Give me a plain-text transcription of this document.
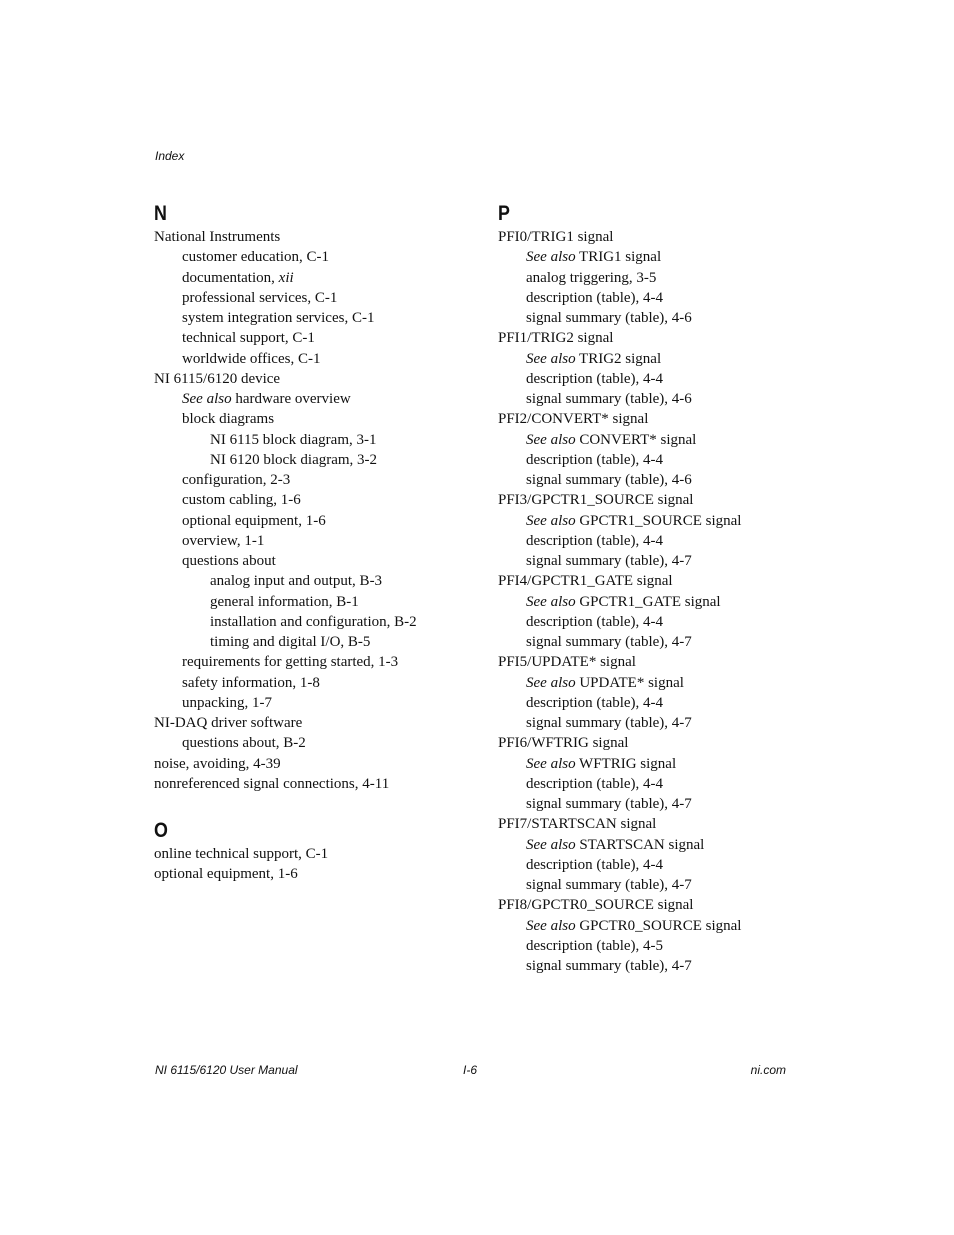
Index
N
National Instruments
customer education, C-1
documentation, xii
professional services, C-1
system integration services, C-1
technical support, C-1
worldwide offices, C-1
NI 6115/6120 device
See also hardware overview
block diagrams
NI 6115 block diagram, 3-1
NI 6120 block diagram, 3-2
configuration, 2-3
custom cabling, 1-6
optional equipment, 1-6
overview, 1-1
questions about
analog input and output, B-3
general information, B-1
installation and configuration, B-2
timing and digital I/O, B-5
requirements for getting started, 1-3
safety information, 1-8
unpacking, 1-7
NI-DAQ driver software
questions about, B-2
noise, avoiding, 4-39
nonreferenced signal connections, 4-11
O
online technical support, C-1
optional equipment, 1-6
P
PFI0/TRIG1 signal
See also TRIG1 signal
analog triggering, 3-5
description (table), 4-4
signal summary (table), 4-6
PFI1/TRIG2 signal
See also TRIG2 signal
description (table), 4-4
signal summary (table), 4-6
PFI2/CONVERT* signal
See also CONVERT* signal
description (table), 4-4
signal summary (table), 4-6
PFI3/GPCTR1_SOURCE signal
See also GPCTR1_SOURCE signal
description (table), 4-4
signal summary (table), 4-7
PFI4/GPCTR1_GATE signal
See also GPCTR1_GATE signal
description (table), 4-4
signal summary (table), 4-7
PFI5/UPDATE* signal
See also UPDATE* signal
description (table), 4-4
signal summary (table), 4-7
PFI6/WFTRIG signal
See also WFTRIG signal
description (table), 4-4
signal summary (table), 4-7
PFI7/STARTSCAN signal
See also STARTSCAN signal
description (table), 4-4
signal summary (table), 4-7
PFI8/GPCTR0_SOURCE signal
See also GPCTR0_SOURCE signal
description (table), 4-5
signal summary (table), 4-7
NI 6115/6120 User Manual	I-6	ni.com
